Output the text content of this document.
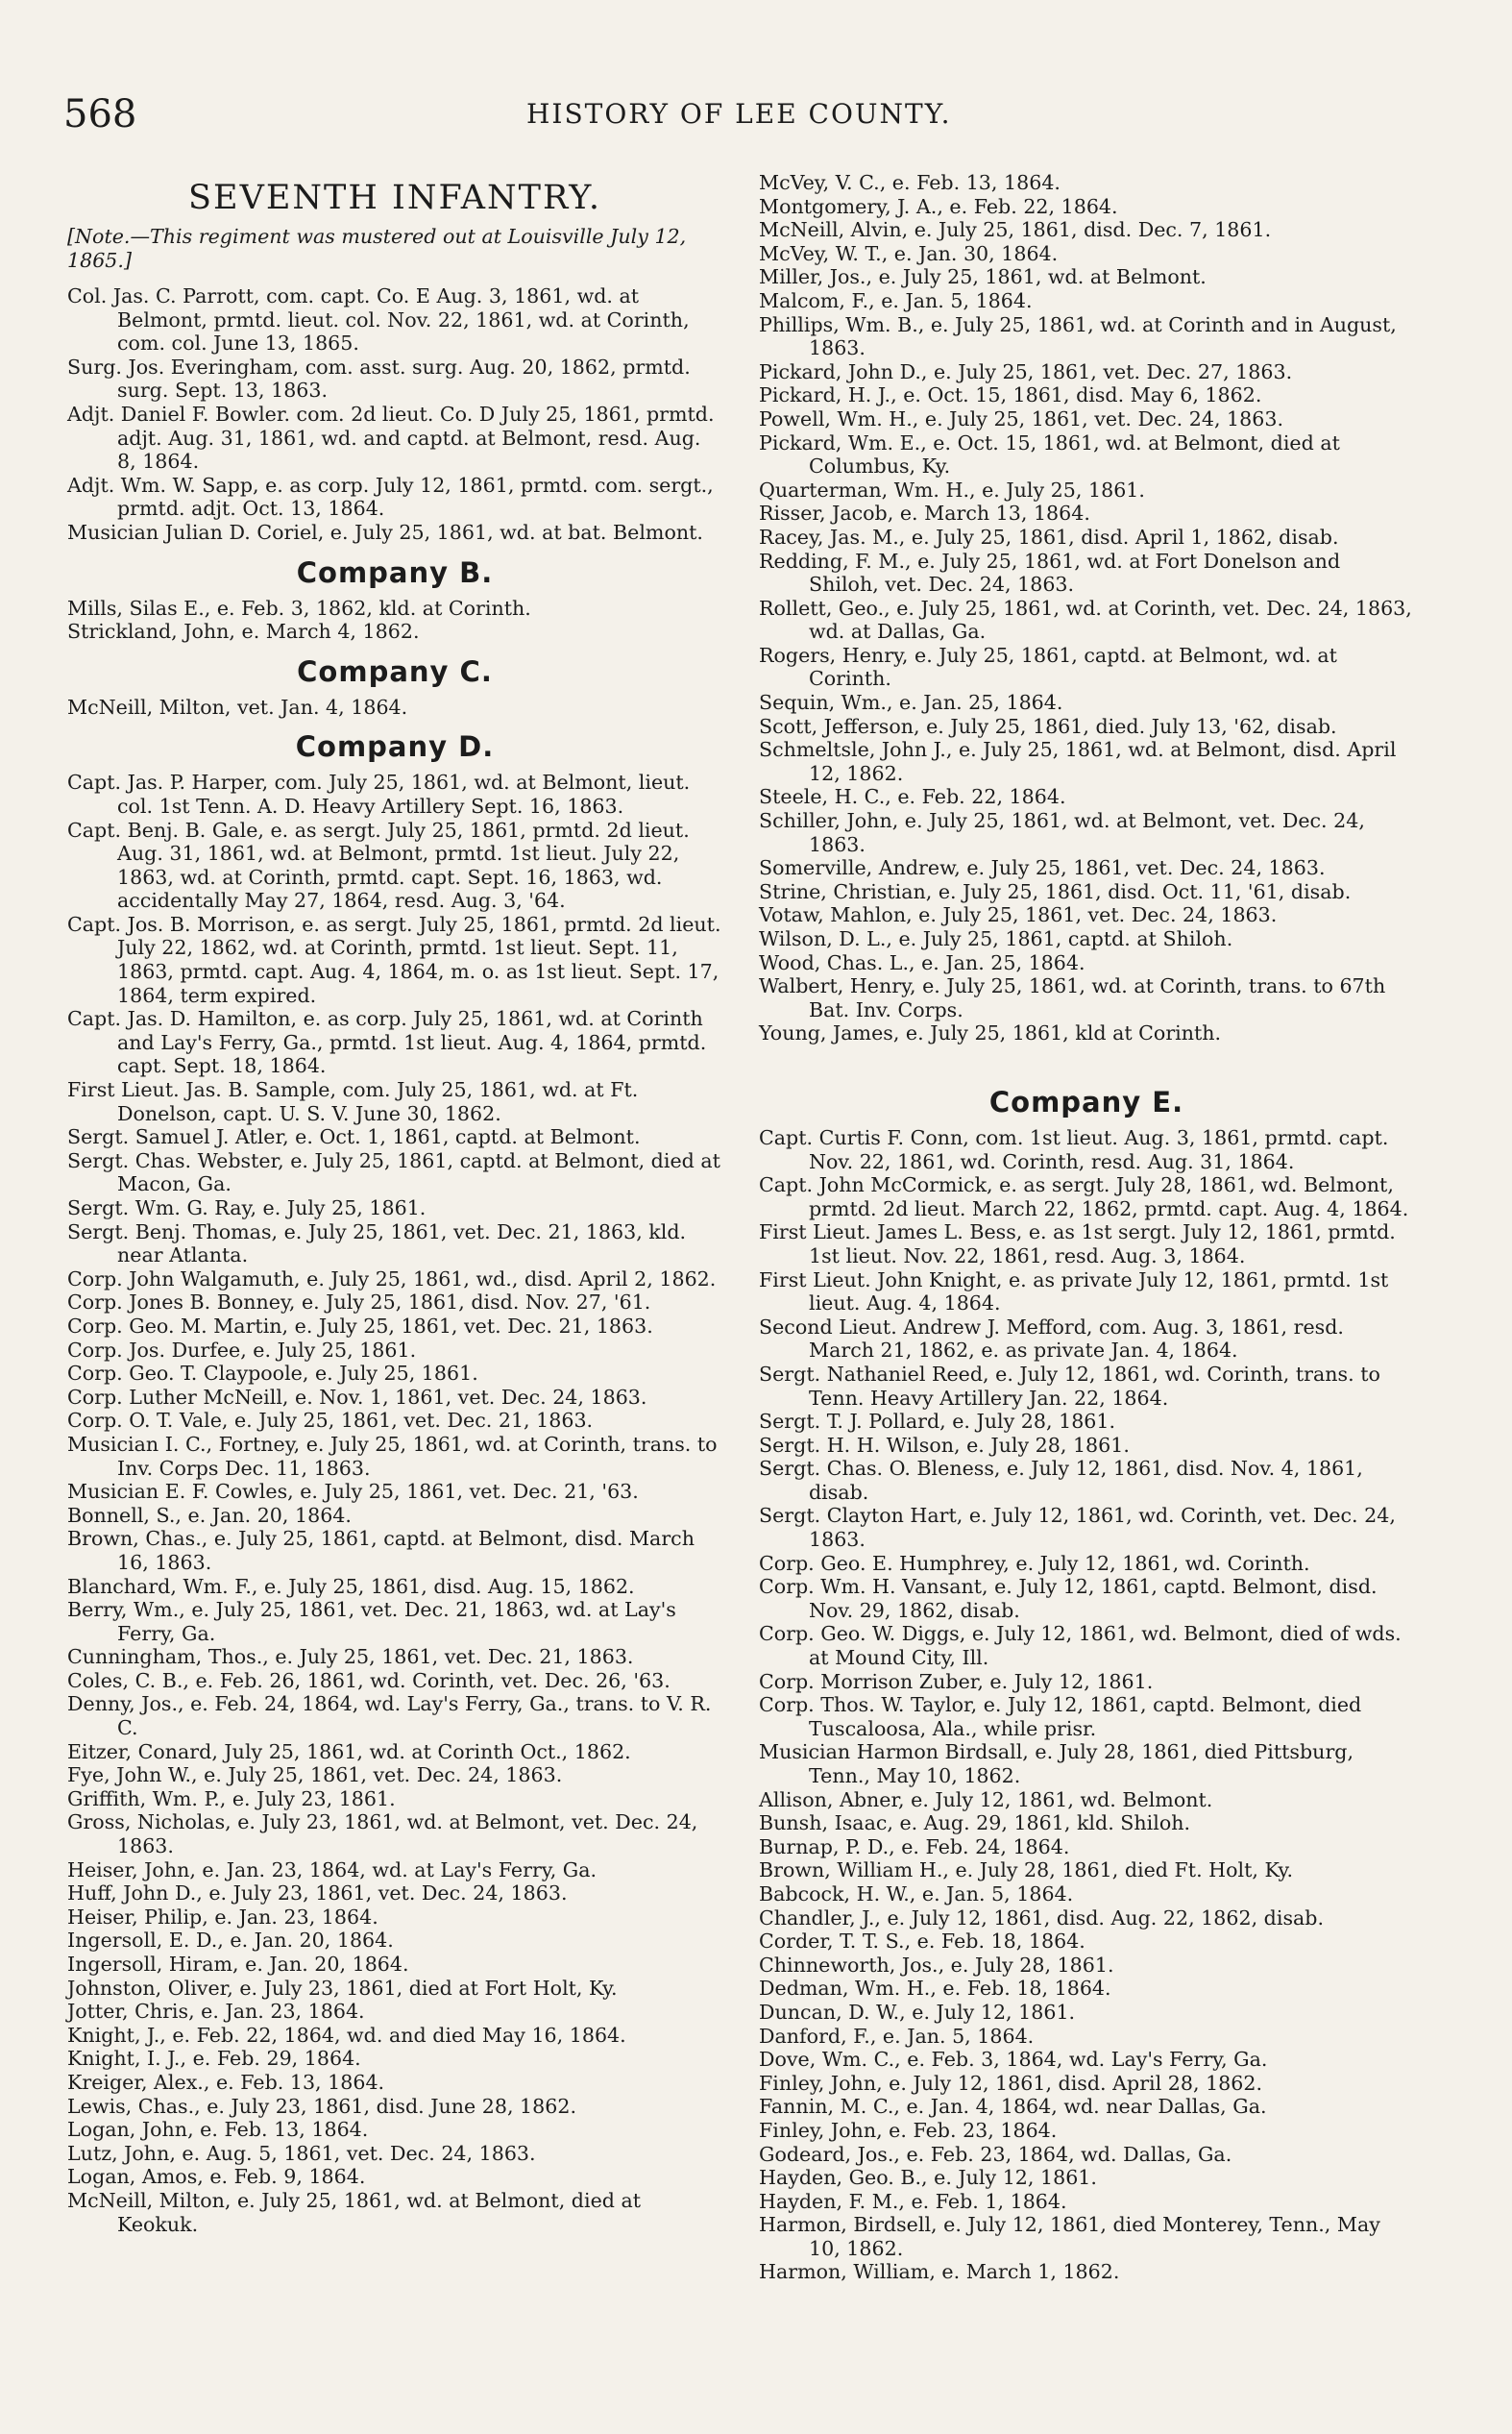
568	HISTORY OF LEE COUNTY.
SEVENTH INFANTRY.
[Note.—This regiment was mustered out at Louisville July 12, 1865.]

Col. Jas. C. Parrott, com. capt. Co. E Aug. 3, 1861, wd. at Belmont, prmtd. lieut. col. Nov. 22, 1861, wd. at Corinth, com. col. June 13, 1865.

Surg. Jos. Everingham, com. asst. surg. Aug. 20, 1862, prmtd. surg. Sept. 13, 1863.

Adjt. Daniel F. Bowler. com. 2d lieut. Co. D July 25, 1861, prmtd. adjt. Aug. 31, 1861, wd. and captd. at Belmont, resd. Aug. 8, 1864.

Adjt. Wm. W. Sapp, e. as corp. July 12, 1861, prmtd. com. sergt., prmtd. adjt. Oct. 13, 1864.

Musician Julian D. Coriel, e. July 25, 1861, wd. at bat. Belmont.

Company B.

Mills, Silas E., e. Feb. 3, 1862, kld. at Corinth.

Strickland, John, e. March 4, 1862.

Company C.

McNeill, Milton, vet. Jan. 4, 1864.

Company D.

Capt. Jas. P. Harper, com. July 25, 1861, wd. at Belmont, lieut. col. 1st Tenn. A. D. Heavy Artillery Sept. 16, 1863.

Capt. Benj. B. Gale, e. as sergt. July 25, 1861, prmtd. 2d lieut. Aug. 31, 1861, wd. at Belmont, prmtd. 1st lieut. July 22, 1863, wd. at Corinth, prmtd. capt. Sept. 16, 1863, wd. accidentally May 27, 1864, resd. Aug. 3, '64.

Capt. Jos. B. Morrison, e. as sergt. July 25, 1861, prmtd. 2d lieut. July 22, 1862, wd. at Corinth, prmtd. 1st lieut. Sept. 11, 1863, prmtd. capt. Aug. 4, 1864, m. o. as 1st lieut. Sept. 17, 1864, term expired.

Capt. Jas. D. Hamilton, e. as corp. July 25, 1861, wd. at Corinth and Lay's Ferry, Ga., prmtd. 1st lieut. Aug. 4, 1864, prmtd. capt. Sept. 18, 1864.

First Lieut. Jas. B. Sample, com. July 25, 1861, wd. at Ft. Donelson, capt. U. S. V. June 30, 1862.

Sergt. Samuel J. Atler, e. Oct. 1, 1861, captd. at Belmont.

Sergt. Chas. Webster, e. July 25, 1861, captd. at Belmont, died at Macon, Ga.

Sergt. Wm. G. Ray, e. July 25, 1861.

Sergt. Benj. Thomas, e. July 25, 1861, vet. Dec. 21, 1863, kld. near Atlanta.

Corp. John Walgamuth, e. July 25, 1861, wd., disd. April 2, 1862.

Corp. Jones B. Bonney, e. July 25, 1861, disd. Nov. 27, '61.

Corp. Geo. M. Martin, e. July 25, 1861, vet. Dec. 21, 1863.

Corp. Jos. Durfee, e. July 25, 1861.

Corp. Geo. T. Claypoole, e. July 25, 1861.

Corp. Luther McNeill, e. Nov. 1, 1861, vet. Dec. 24, 1863.

Corp. O. T. Vale, e. July 25, 1861, vet. Dec. 21, 1863.

Musician I. C., Fortney, e. July 25, 1861, wd. at Corinth, trans. to Inv. Corps Dec. 11, 1863.

Musician E. F. Cowles, e. July 25, 1861, vet. Dec. 21, '63.

Bonnell, S., e. Jan. 20, 1864.

Brown, Chas., e. July 25, 1861, captd. at Belmont, disd. March 16, 1863.

Blanchard, Wm. F., e. July 25, 1861, disd. Aug. 15, 1862.

Berry, Wm., e. July 25, 1861, vet. Dec. 21, 1863, wd. at Lay's Ferry, Ga.

Cunningham, Thos., e. July 25, 1861, vet. Dec. 21, 1863.

Coles, C. B., e. Feb. 26, 1861, wd. Corinth, vet. Dec. 26, '63.

Denny, Jos., e. Feb. 24, 1864, wd. Lay's Ferry, Ga., trans. to V. R. C.

Eitzer, Conard, July 25, 1861, wd. at Corinth Oct., 1862.

Fye, John W., e. July 25, 1861, vet. Dec. 24, 1863.

Griffith, Wm. P., e. July 23, 1861.

Gross, Nicholas, e. July 23, 1861, wd. at Belmont, vet. Dec. 24, 1863.

Heiser, John, e. Jan. 23, 1864, wd. at Lay's Ferry, Ga.

Huff, John D., e. July 23, 1861, vet. Dec. 24, 1863.

Heiser, Philip, e. Jan. 23, 1864.

Ingersoll, E. D., e. Jan. 20, 1864.

Ingersoll, Hiram, e. Jan. 20, 1864.

Johnston, Oliver, e. July 23, 1861, died at Fort Holt, Ky.

Jotter, Chris, e. Jan. 23, 1864.

Knight, J., e. Feb. 22, 1864, wd. and died May 16, 1864.

Knight, I. J., e. Feb. 29, 1864.

Kreiger, Alex., e. Feb. 13, 1864.

Lewis, Chas., e. July 23, 1861, disd. June 28, 1862.

Logan, John, e. Feb. 13, 1864.

Lutz, John, e. Aug. 5, 1861, vet. Dec. 24, 1863.

Logan, Amos, e. Feb. 9, 1864.

McNeill, Milton, e. July 25, 1861, wd. at Belmont, died at Keokuk.

McVey, V. C., e. Feb. 13, 1864.

Montgomery, J. A., e. Feb. 22, 1864.

McNeill, Alvin, e. July 25, 1861, disd. Dec. 7, 1861.

McVey, W. T., e. Jan. 30, 1864.

Miller, Jos., e. July 25, 1861, wd. at Belmont.

Malcom, F., e. Jan. 5, 1864.

Phillips, Wm. B., e. July 25, 1861, wd. at Corinth and in August, 1863.

Pickard, John D., e. July 25, 1861, vet. Dec. 27, 1863.

Pickard, H. J., e. Oct. 15, 1861, disd. May 6, 1862.

Powell, Wm. H., e. July 25, 1861, vet. Dec. 24, 1863.

Pickard, Wm. E., e. Oct. 15, 1861, wd. at Belmont, died at Columbus, Ky.

Quarterman, Wm. H., e. July 25, 1861.

Risser, Jacob, e. March 13, 1864.

Racey, Jas. M., e. July 25, 1861, disd. April 1, 1862, disab.

Redding, F. M., e. July 25, 1861, wd. at Fort Donelson and Shiloh, vet. Dec. 24, 1863.

Rollett, Geo., e. July 25, 1861, wd. at Corinth, vet. Dec. 24, 1863, wd. at Dallas, Ga.

Rogers, Henry, e. July 25, 1861, captd. at Belmont, wd. at Corinth.

Sequin, Wm., e. Jan. 25, 1864.

Scott, Jefferson, e. July 25, 1861, died. July 13, '62, disab.

Schmeltsle, John J., e. July 25, 1861, wd. at Belmont, disd. April 12, 1862.

Steele, H. C., e. Feb. 22, 1864.

Schiller, John, e. July 25, 1861, wd. at Belmont, vet. Dec. 24, 1863.

Somerville, Andrew, e. July 25, 1861, vet. Dec. 24, 1863.

Strine, Christian, e. July 25, 1861, disd. Oct. 11, '61, disab.

Votaw, Mahlon, e. July 25, 1861, vet. Dec. 24, 1863.

Wilson, D. L., e. July 25, 1861, captd. at Shiloh.

Wood, Chas. L., e. Jan. 25, 1864.

Walbert, Henry, e. July 25, 1861, wd. at Corinth, trans. to 67th Bat. Inv. Corps.

Young, James, e. July 25, 1861, kld at Corinth.

Company E.

Capt. Curtis F. Conn, com. 1st lieut. Aug. 3, 1861, prmtd. capt. Nov. 22, 1861, wd. Corinth, resd. Aug. 31, 1864.

Capt. John McCormick, e. as sergt. July 28, 1861, wd. Belmont, prmtd. 2d lieut. March 22, 1862, prmtd. capt. Aug. 4, 1864.

First Lieut. James L. Bess, e. as 1st sergt. July 12, 1861, prmtd. 1st lieut. Nov. 22, 1861, resd. Aug. 3, 1864.

First Lieut. John Knight, e. as private July 12, 1861, prmtd. 1st lieut. Aug. 4, 1864.

Second Lieut. Andrew J. Mefford, com. Aug. 3, 1861, resd. March 21, 1862, e. as private Jan. 4, 1864.

Sergt. Nathaniel Reed, e. July 12, 1861, wd. Corinth, trans. to Tenn. Heavy Artillery Jan. 22, 1864.

Sergt. T. J. Pollard, e. July 28, 1861.

Sergt. H. H. Wilson, e. July 28, 1861.

Sergt. Chas. O. Bleness, e. July 12, 1861, disd. Nov. 4, 1861, disab.

Sergt. Clayton Hart, e. July 12, 1861, wd. Corinth, vet. Dec. 24, 1863.

Corp. Geo. E. Humphrey, e. July 12, 1861, wd. Corinth.

Corp. Wm. H. Vansant, e. July 12, 1861, captd. Belmont, disd. Nov. 29, 1862, disab.

Corp. Geo. W. Diggs, e. July 12, 1861, wd. Belmont, died of wds. at Mound City, Ill.

Corp. Morrison Zuber, e. July 12, 1861.

Corp. Thos. W. Taylor, e. July 12, 1861, captd. Belmont, died Tuscaloosa, Ala., while prisr.

Musician Harmon Birdsall, e. July 28, 1861, died Pittsburg, Tenn., May 10, 1862.

Allison, Abner, e. July 12, 1861, wd. Belmont.

Bunsh, Isaac, e. Aug. 29, 1861, kld. Shiloh.

Burnap, P. D., e. Feb. 24, 1864.

Brown, William H., e. July 28, 1861, died Ft. Holt, Ky.

Babcock, H. W., e. Jan. 5, 1864.

Chandler, J., e. July 12, 1861, disd. Aug. 22, 1862, disab.

Corder, T. T. S., e. Feb. 18, 1864.

Chinneworth, Jos., e. July 28, 1861.

Dedman, Wm. H., e. Feb. 18, 1864.

Duncan, D. W., e. July 12, 1861.

Danford, F., e. Jan. 5, 1864.

Dove, Wm. C., e. Feb. 3, 1864, wd. Lay's Ferry, Ga.

Finley, John, e. July 12, 1861, disd. April 28, 1862.

Fannin, M. C., e. Jan. 4, 1864, wd. near Dallas, Ga.

Finley, John, e. Feb. 23, 1864.

Godeard, Jos., e. Feb. 23, 1864, wd. Dallas, Ga.

Hayden, Geo. B., e. July 12, 1861.

Hayden, F. M., e. Feb. 1, 1864.

Harmon, Birdsell, e. July 12, 1861, died Monterey, Tenn., May 10, 1862.

Harmon, William, e. March 1, 1862.
